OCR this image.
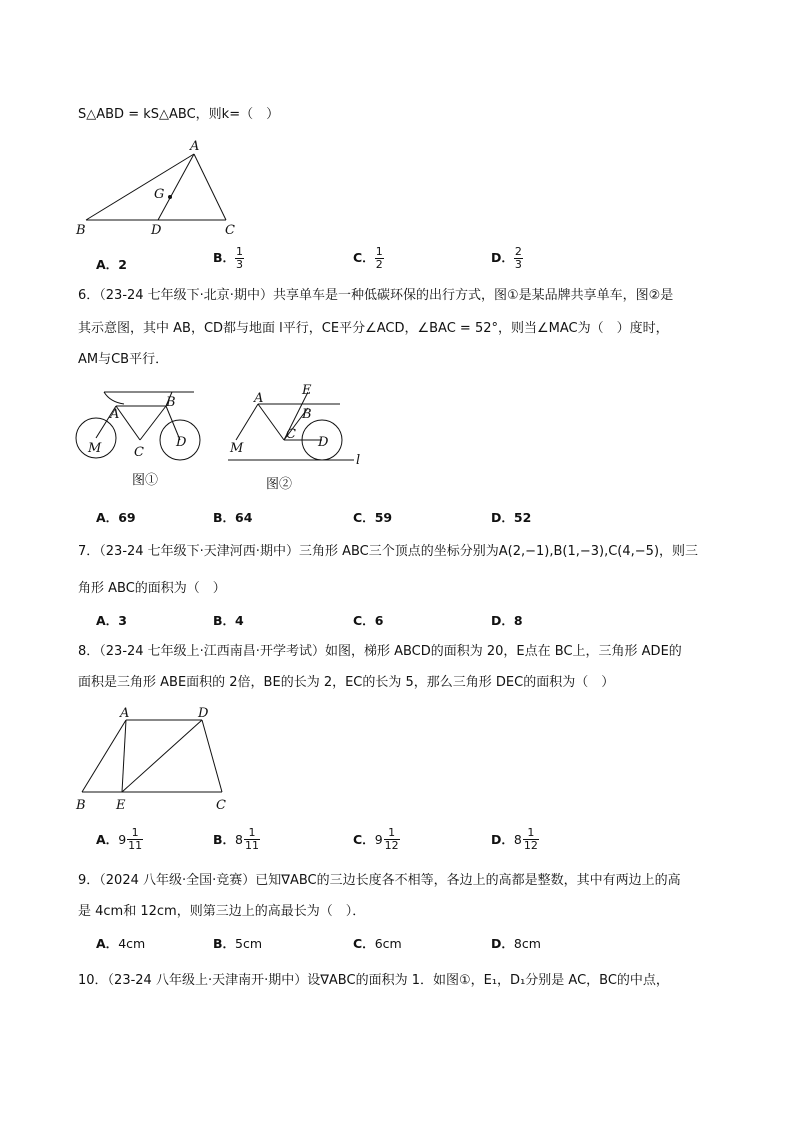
S△ABD = kS△ABC，则k=（　）
A
B	C
D
G
A．2	B． $\frac{1}{3}$	C． $\frac{1}{2}$	D． $\frac{2}{3}$
6．（23-24 七年级下·北京·期中）共享单车是一种低碳环保的出行方式，图①是某品牌共享单车，图②是
其示意图，其中 AB，CD都与地面 l平行，CE平分∠ACD，∠BAC = 52°，则当∠MAC为（　）度时，
AM与CB平行．
A
B
C
D
M
图①
A
B
C
D
E
M
l
图②
A．69	B．64	C．59	D．52
7．（23-24 七年级下·天津河西·期中）三角形 ABC三个顶点的坐标分别为A(2,−1),B(1,−3),C(4,−5)，则三
角形 ABC的面积为（　）
A．3	B．4	C．6	D．8
8．（23-24 七年级上·江西南昌·开学考试）如图，梯形 ABCD的面积为 20，E点在 BC上，三角形 ADE的
面积是三角形 ABE面积的 2倍，BE的长为 2，EC的长为 5，那么三角形 DEC的面积为（　）
A	D
B E	C
A． $9 \frac{1}{11}$	B． $8 \frac{1}{11}$	C． $9 \frac{1}{12}$	D． $8 \frac{1}{12}$
9．（2024 八年级·全国·竞赛）已知∇ABC的三边长度各不相等，各边上的高都是整数，其中有两边上的高
是 4cm和 12cm，则第三边上的高最长为（　）．
A．4cm	B．5cm	C．6cm	D．8cm
10．（23-24 八年级上·天津南开·期中）设∇ABC的面积为 1．如图①，E₁，D₁分别是 AC，BC的中点，
